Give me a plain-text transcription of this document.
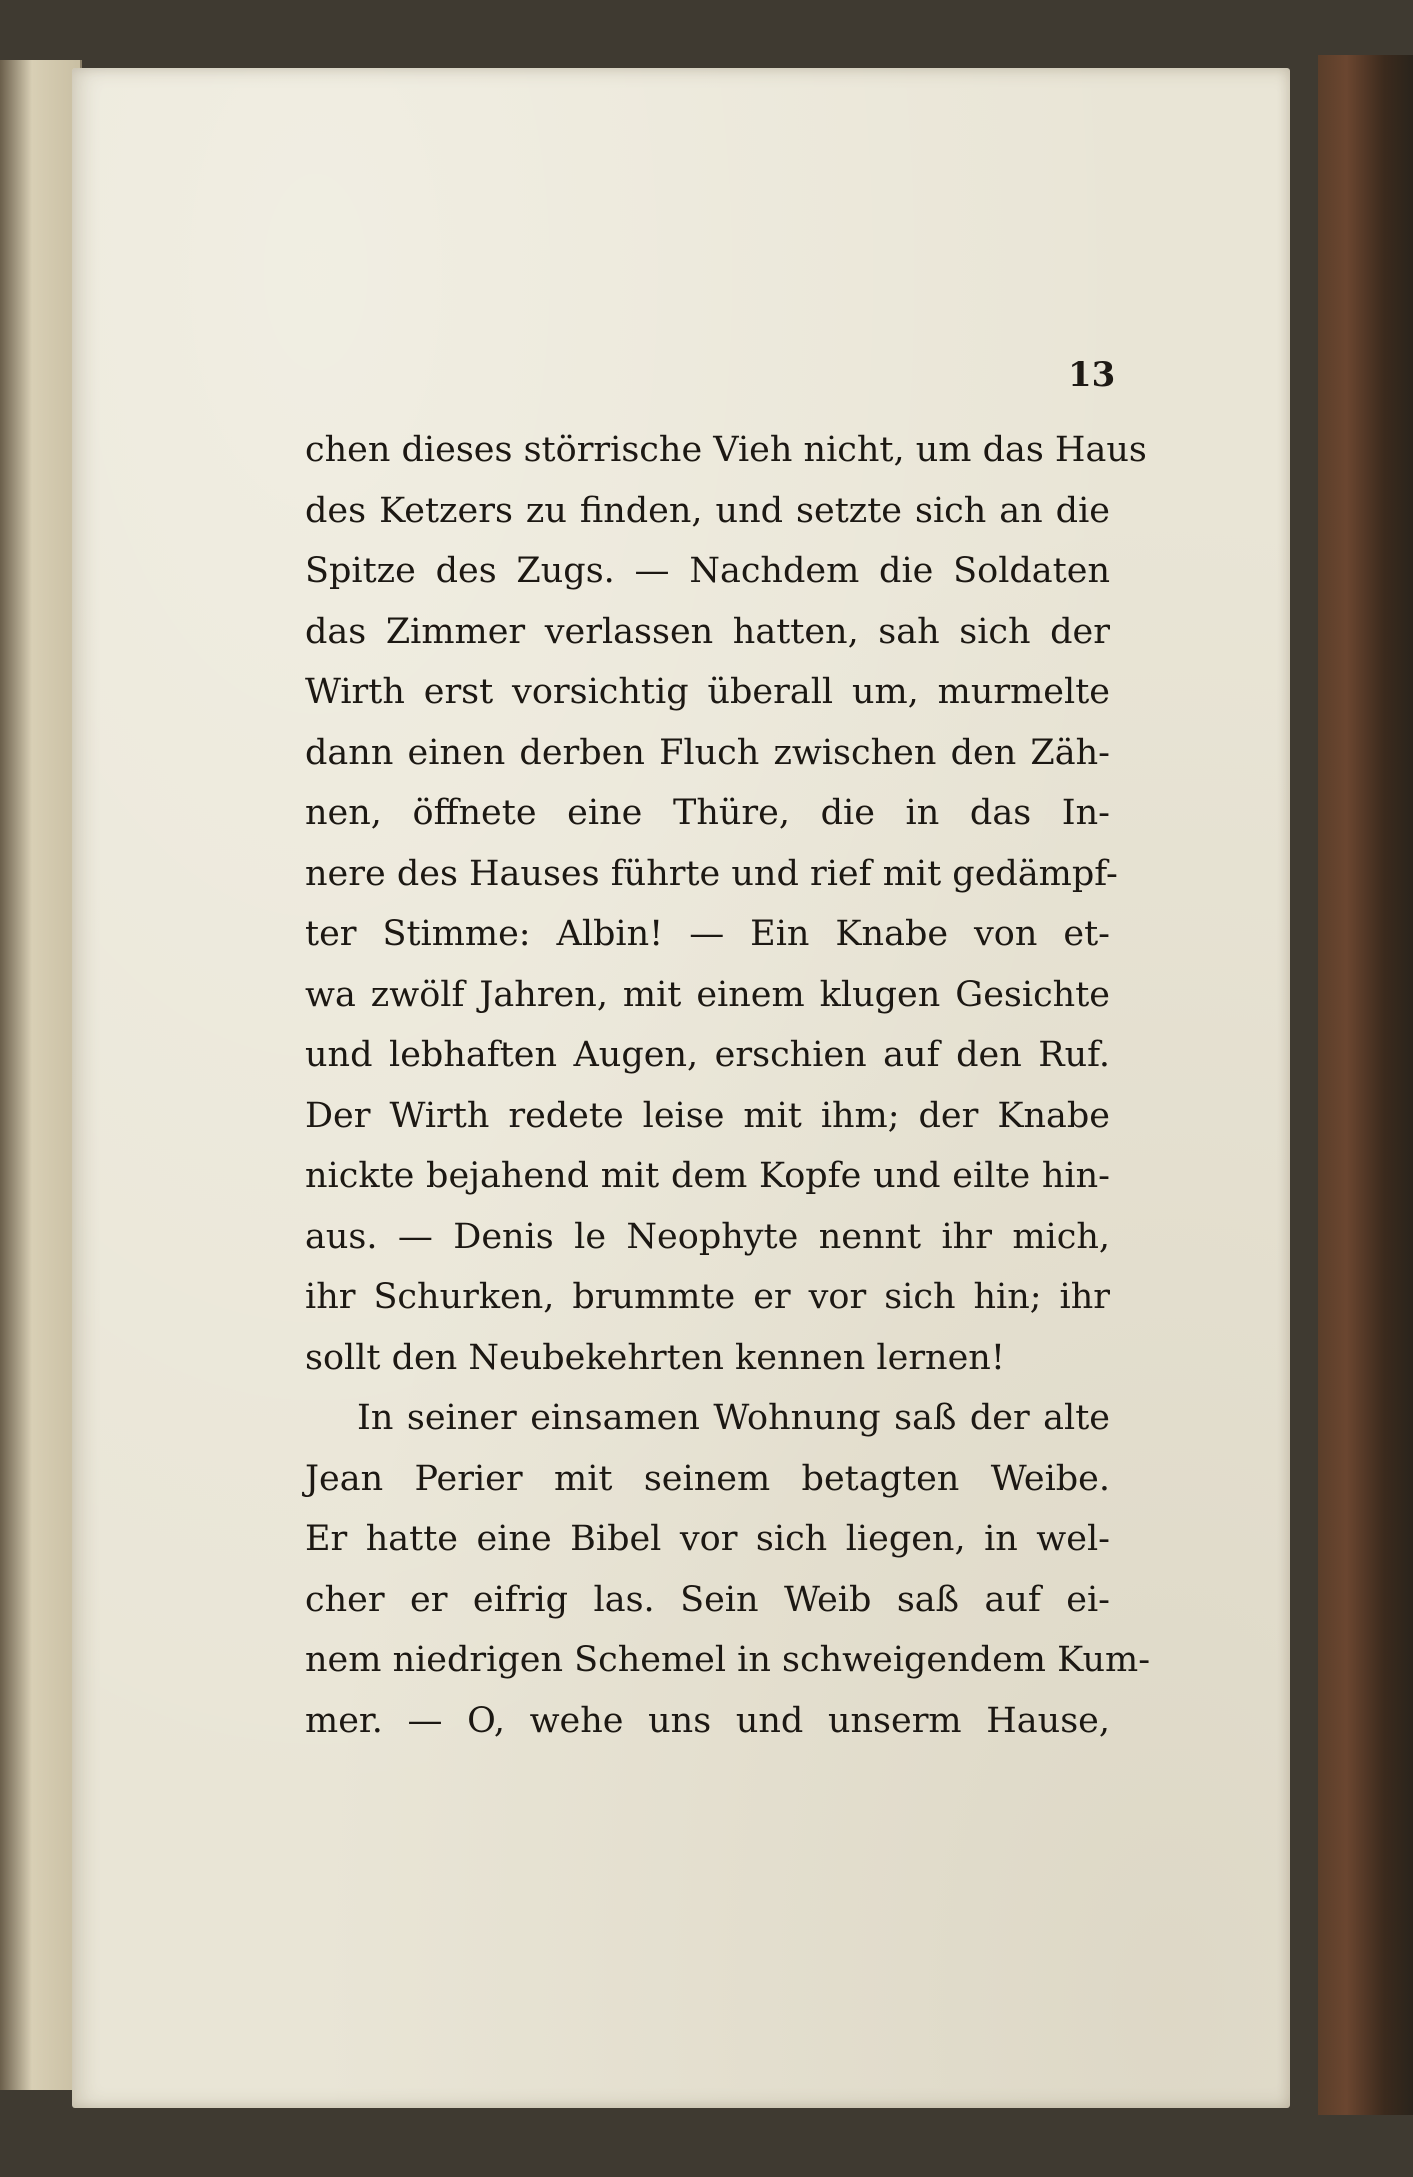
13
chen dieses störrische Vieh nicht, um das Haus
des Ketzers zu finden, und setzte sich an die
Spitze des Zugs. — Nachdem die Soldaten
das Zimmer verlassen hatten, sah sich der
Wirth erst vorsichtig überall um, murmelte
dann einen derben Fluch zwischen den Zäh-
nen, öffnete eine Thüre, die in das In-
nere des Hauses führte und rief mit gedämpf-
ter Stimme: Albin! — Ein Knabe von et-
wa zwölf Jahren, mit einem klugen Gesichte
und lebhaften Augen, erschien auf den Ruf.
Der Wirth redete leise mit ihm; der Knabe
nickte bejahend mit dem Kopfe und eilte hin-
aus. — Denis le Neophyte nennt ihr mich,
ihr Schurken, brummte er vor sich hin; ihr
sollt den Neubekehrten kennen lernen!
In seiner einsamen Wohnung saß der alte
Jean Perier mit seinem betagten Weibe.
Er hatte eine Bibel vor sich liegen, in wel-
cher er eifrig las. Sein Weib saß auf ei-
nem niedrigen Schemel in schweigendem Kum-
mer. — O, wehe uns und unserm Hause,
